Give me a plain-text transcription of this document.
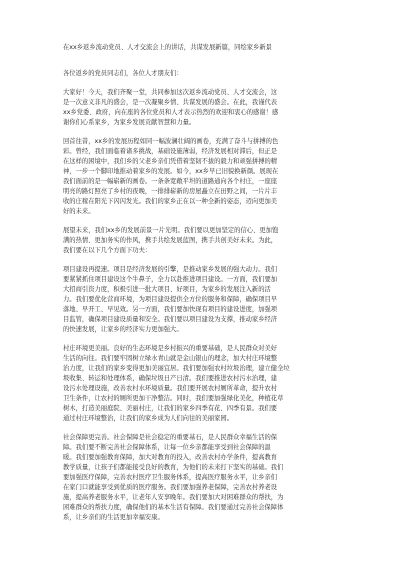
在xx乡返乡流动党员、人才交流会上的讲话，共谋发展新篇，同绘家乡新景

各位返乡的党员同志们，各位人才朋友们：

大家好！今天，我们齐聚一堂，共同参加这次返乡流动党员、人才交流会，这

是一次意义非凡的盛会，是一次凝聚乡情、共谋发展的盛会。在此，我谨代表

xx乡党委、政府，向在座的各位党员和人才表示热烈的欢迎和衷心的感谢！感

谢你们心系家乡，为家乡发展贡献智慧和力量。

回首往昔，xx乡的发展历程如同一幅波澜壮阔的画卷，充满了奋斗与拼搏的色

彩。曾经，我们面临着诸多挑战，基础设施薄弱，经济发展相对滞后，但正是

在这样的困境中，我们乡的父老乡亲们凭借着坚韧不拔的毅力和顽强拼搏的精

神，一步一个脚印地推动着家乡的发展。如今，xx乡早已旧貌换新颜。展现在

我们面前的是一幅崭新的画卷。一条条宽敞平坦的道路通向各个村庄，一座座

明亮的路灯照亮了乡村的夜晚，一排排崭新的房屋矗立在田野之间，一片片丰

收的庄稼在阳光下闪闪发光。我们的家乡正在以一种全新的姿态，迈向更加美

好的未来。

展望未来，我们xx乡的发展前景一片光明。我们要以更加坚定的信心、更加饱

满的热情、更加务实的作风，携手共绘发展蓝图，携手共创美好未来。为此，

我们要在以下几个方面下功夫：

项目建设再提速。项目是经济发展的引擎，是推动家乡发展的强大动力。我们

要紧紧抓住项目建设这个牛鼻子，全力以赴推进项目建设。一方面，我们要加

大招商引资力度，积极引进一批大项目、好项目，为家乡的发展注入新的活

力。我们要优化营商环境，为项目建设提供全方位的服务和保障，确保项目早

落地、早开工、早见效。另一方面，我们要加快现有项目的建设进度，加强项

目监管，确保项目建设质量和安全。我们要以项目建设为支撑，推动家乡经济

的快速发展，让家乡的经济实力更加强大。

村庄环境更美丽。良好的生态环境是乡村振兴的重要基础，是人民群众对美好

生活的向往。我们要牢固树立绿水青山就是金山银山的理念，加大村庄环境整

治力度，让我们的家乡变得更加美丽宜居。我们要加强农村垃圾治理，建立健全垃

圾收集、转运和处理体系，确保垃圾日产日清。我们要推进农村污水治理，建

设污水处理设施，改善农村水环境质量。我们要开展农村厕所革命，提升农村

卫生条件，让农村的厕所更加干净整洁。同时，我们要加强绿化美化，种植花草

树木，打造美丽庭院、美丽村庄，让我们的家乡四季有花、四季有景。我们要

通过村庄环境整治，让我们的家乡成为人们向往的美丽家园。

社会保障更完善。社会保障是社会稳定的重要基石，是人民群众幸福生活的保

障。我们要不断完善社会保障体系，让每一位乡亲都能享受到社会保障的温

暖。我们要加强教育保障，加大对教育的投入，改善农村办学条件，提高教育

教学质量，让孩子们都能接受良好的教育，为他们的未来打下坚实的基础。我们

要加强医疗保障，完善农村医疗卫生服务体系，提高医疗服务水平，让乡亲们

在家门口就能享受到优质的医疗服务。我们要加强养老保障，完善农村养老设

施，提高养老服务水平，让老年人安享晚年。我们要加大对困难群众的帮扶，为

困难群众的帮扶力度，确保他们的基本生活有保障。我们要通过完善社会保障体

系，让乡亲们的生活更加幸福安康。
